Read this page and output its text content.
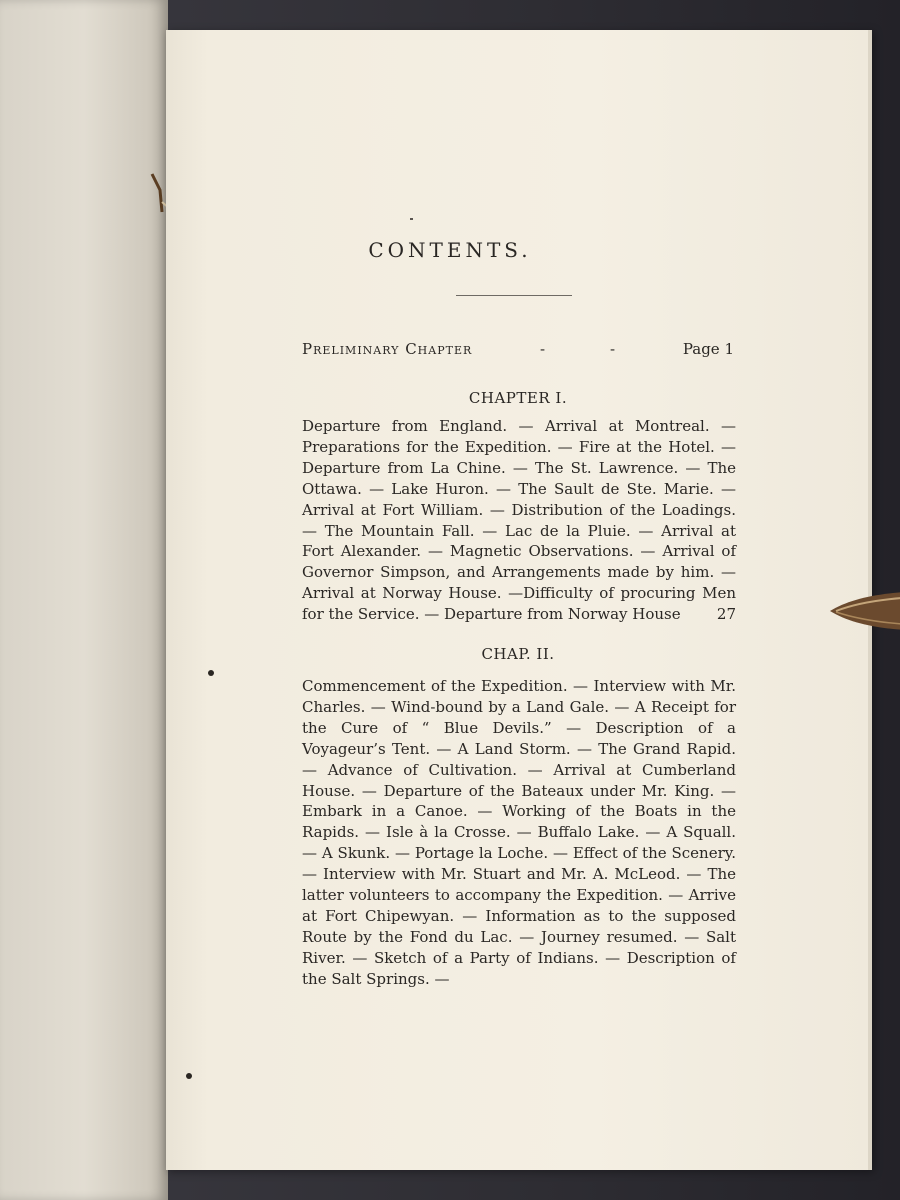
CONTENTS.
Preliminary Chapter	-	-	Page 1
CHAPTER I.
Departure from England. — Arrival at Montreal. — Preparations for the Expedition. — Fire at the Hotel. — Departure from La Chine. — The St. Lawrence. — The Ottawa. — Lake Huron. — The Sault de Ste. Marie. — Arrival at Fort William. — Distribution of the Loadings. — The Mountain Fall. — Lac de la Pluie. — Arrival at Fort Alexander. — Magnetic Observations. — Arrival of Governor Simpson, and Arrangements made by him. — Arrival at Norway House. —Difficulty of procuring Men for the Service. — Departure from Norway House 27
CHAP. II.
Commencement of the Expedition. — Interview with Mr. Charles. — Wind-bound by a Land Gale. — A Receipt for the Cure of “ Blue Devils.” — Description of a Voyageur’s Tent. — A Land Storm. — The Grand Rapid. — Advance of Cultivation. — Arrival at Cumberland House. — Departure of the Bateaux under Mr. King. — Embark in a Canoe. — Working of the Boats in the Rapids. — Isle à la Crosse. — Buffalo Lake. — A Squall. — A Skunk. — Portage la Loche. — Effect of the Scenery. — Interview with Mr. Stuart and Mr. A. McLeod. — The latter volunteers to accompany the Expedition. — Arrive at Fort Chipewyan. — Information as to the supposed Route by the Fond du Lac. — Journey resumed. — Salt River. — Sketch of a Party of Indians. — Description of the Salt Springs. —
